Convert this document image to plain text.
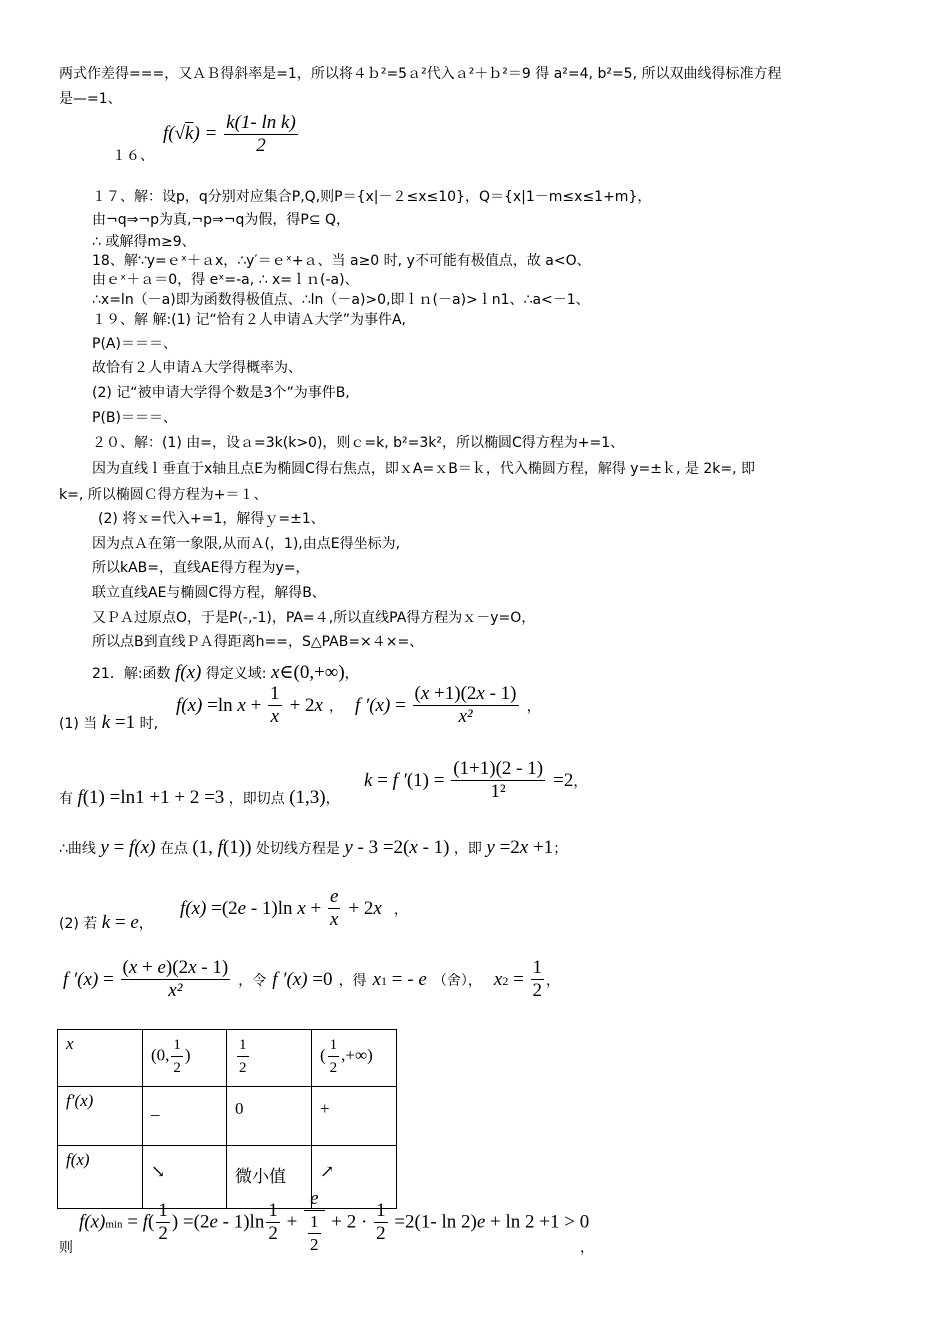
两式作差得===，又ＡＢ得斜率是=1，所以将４ｂ²=5ａ²代入ａ²＋ｂ²＝9 得 a²=4, b²=5, 所以双曲线得标准方程
是—=1、
$f(√k) = \frac{\text{k(1- ln k)}}{2}$
１６、
１７、解：设p，q分别对应集合P,Q,则P＝{x|－２≤x≤10}，Q＝{x|1－m≤x≤1+m}，
由¬q⇒¬p为真,¬p⇒¬q为假，得P⊆ Q，
∴ 或解得m≥9、
18、解∵y=ｅˣ＋ａx，∴y′＝ｅˣ+ａ、当 a≥0 时, y不可能有极值点，故 a<O、
由ｅˣ＋ａ＝0，得 eˣ=-a, ∴ x=ｌｎ(-a)、
∴x=ln（－a)即为函数得极值点、∴ln（－a)>0,即ｌｎ(－a)>ｌn1、∴a<－1、
１９、解 解:(1) 记“恰有２人申请Ａ大学”为事件A,
P(A)＝＝＝、
故恰有２人申请Ａ大学得概率为、
(2) 记“被申请大学得个数是3个”为事件B,
P(B)＝＝＝、
２０、解：(1) 由=，设ａ=3k(k>0)，则ｃ=k, b²=3k²，所以椭圆C得方程为+=1、
因为直线ｌ垂直于x轴且点E为椭圆C得右焦点，即ｘA=ｘB＝ｋ，代入椭圆方程，解得 y=±ｋ, 是 2k=, 即
k=, 所以椭圆Ｃ得方程为+＝１、
(2) 将ｘ=代入+=1，解得ｙ=±1、
因为点Ａ在第一象限,从而Ａ(，1),由点E得坐标为,
所以kAB=，直线AE得方程为y=，
联立直线AE与椭圆C得方程，解得B、
又ＰＡ过原点O，于是P(-,-1)，PA=４,所以直线PA得方程为ｘ－y=O，
所以点B到直线ＰＡ得距离h==，S△PAB=×４×=、
21．解:函数 f(x) 得定义域: x∈(0,+∞)，
(1) 当 k =1 时,
f(x) =ln $x + \frac{1}{x} + 2x$ ， f $'(x) = \frac{(x +1)(2x - 1)}{\text{x²}}$ ，
有 f(1) =ln1 +1 + 2 =3 ，即切点 (1,3)，
k = f $'(1) = \frac{(1+1)(2 - 1)}{\text{1²}} =2$，
∴曲线 y = f(x) 在点 (1, f(1)) 处切线方程是 y - 3 =2(x - 1) ，即 y =2x +1；
(2) 若 k = e，
f(x) =(2e - 1)ln $x + \frac{e}{x} + 2x$ ，
f $'(x) = \frac{(x + e)(2x - 1)}{\text{x²}}$ ，令 f ′(x) =0 ，得 x1 = - e （舍）， $x2 = \frac{1}{2}$ ，
x	(0, $\frac{1}{2}$ )	$\frac{1}{2}$	( $\frac{1}{2}$ ,+∞)
f′(x)	_	0	+
f(x)	↘	微小值	↗
$f(x)\min = f( \frac{1}{2}$ ) $=(2e - 1)\ln \frac{1}{2} + \frac{e}{\frac{1}{2}} + 2 \cdot \frac{1}{2} =2(1-$ ln 2)e + ln 2 +1 > 0
则	，
